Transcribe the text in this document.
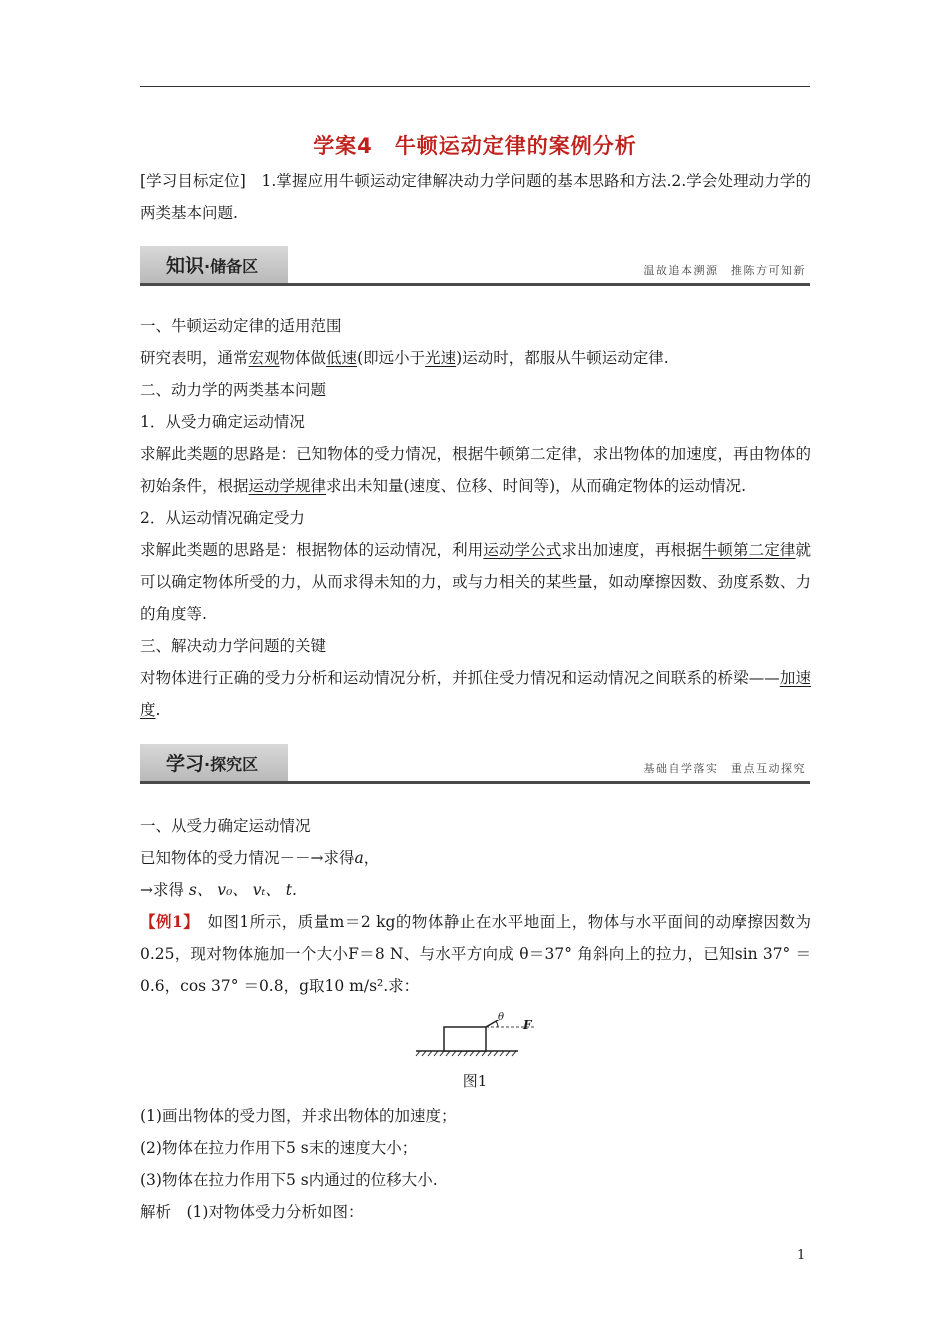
学案4　牛顿运动定律的案例分析

[学习目标定位]　1.掌握应用牛顿运动定律解决动力学问题的基本思路和方法.2.学会处理动力学的两类基本问题.

知识·储备区	温故追本溯源　推陈方可知新

一、牛顿运动定律的适用范围

研究表明，通常宏观物体做低速(即远小于光速)运动时，都服从牛顿运动定律.

二、动力学的两类基本问题

1．从受力确定运动情况

求解此类题的思路是：已知物体的受力情况，根据牛顿第二定律，求出物体的加速度，再由物体的初始条件，根据运动学规律求出未知量(速度、位移、时间等)，从而确定物体的运动情况.

2．从运动情况确定受力

求解此类题的思路是：根据物体的运动情况，利用运动学公式求出加速度，再根据牛顿第二定律就可以确定物体所受的力，从而求得未知的力，或与力相关的某些量，如动摩擦因数、劲度系数、力的角度等.

三、解决动力学问题的关键

对物体进行正确的受力分析和运动情况分析，并抓住受力情况和运动情况之间联系的桥梁——加速度.

学习·探究区	基础自学落实　重点互动探究

一、从受力确定运动情况

已知物体的受力情况－－→求得a，

→求得 s、 v₀、 vₜ、 t.

【例1】　如图1所示，质量m＝2 kg的物体静止在水平地面上，物体与水平面间的动摩擦因数为0.25，现对物体施加一个大小F＝8 N、与水平方向成 θ＝37° 角斜向上的拉力，已知sin 37° ＝0.6，cos 37° ＝0.8，g取10 m/s².求：

F
θ
图1

(1)画出物体的受力图，并求出物体的加速度；

(2)物体在拉力作用下5 s末的速度大小；

(3)物体在拉力作用下5 s内通过的位移大小.

解析　(1)对物体受力分析如图：

1
